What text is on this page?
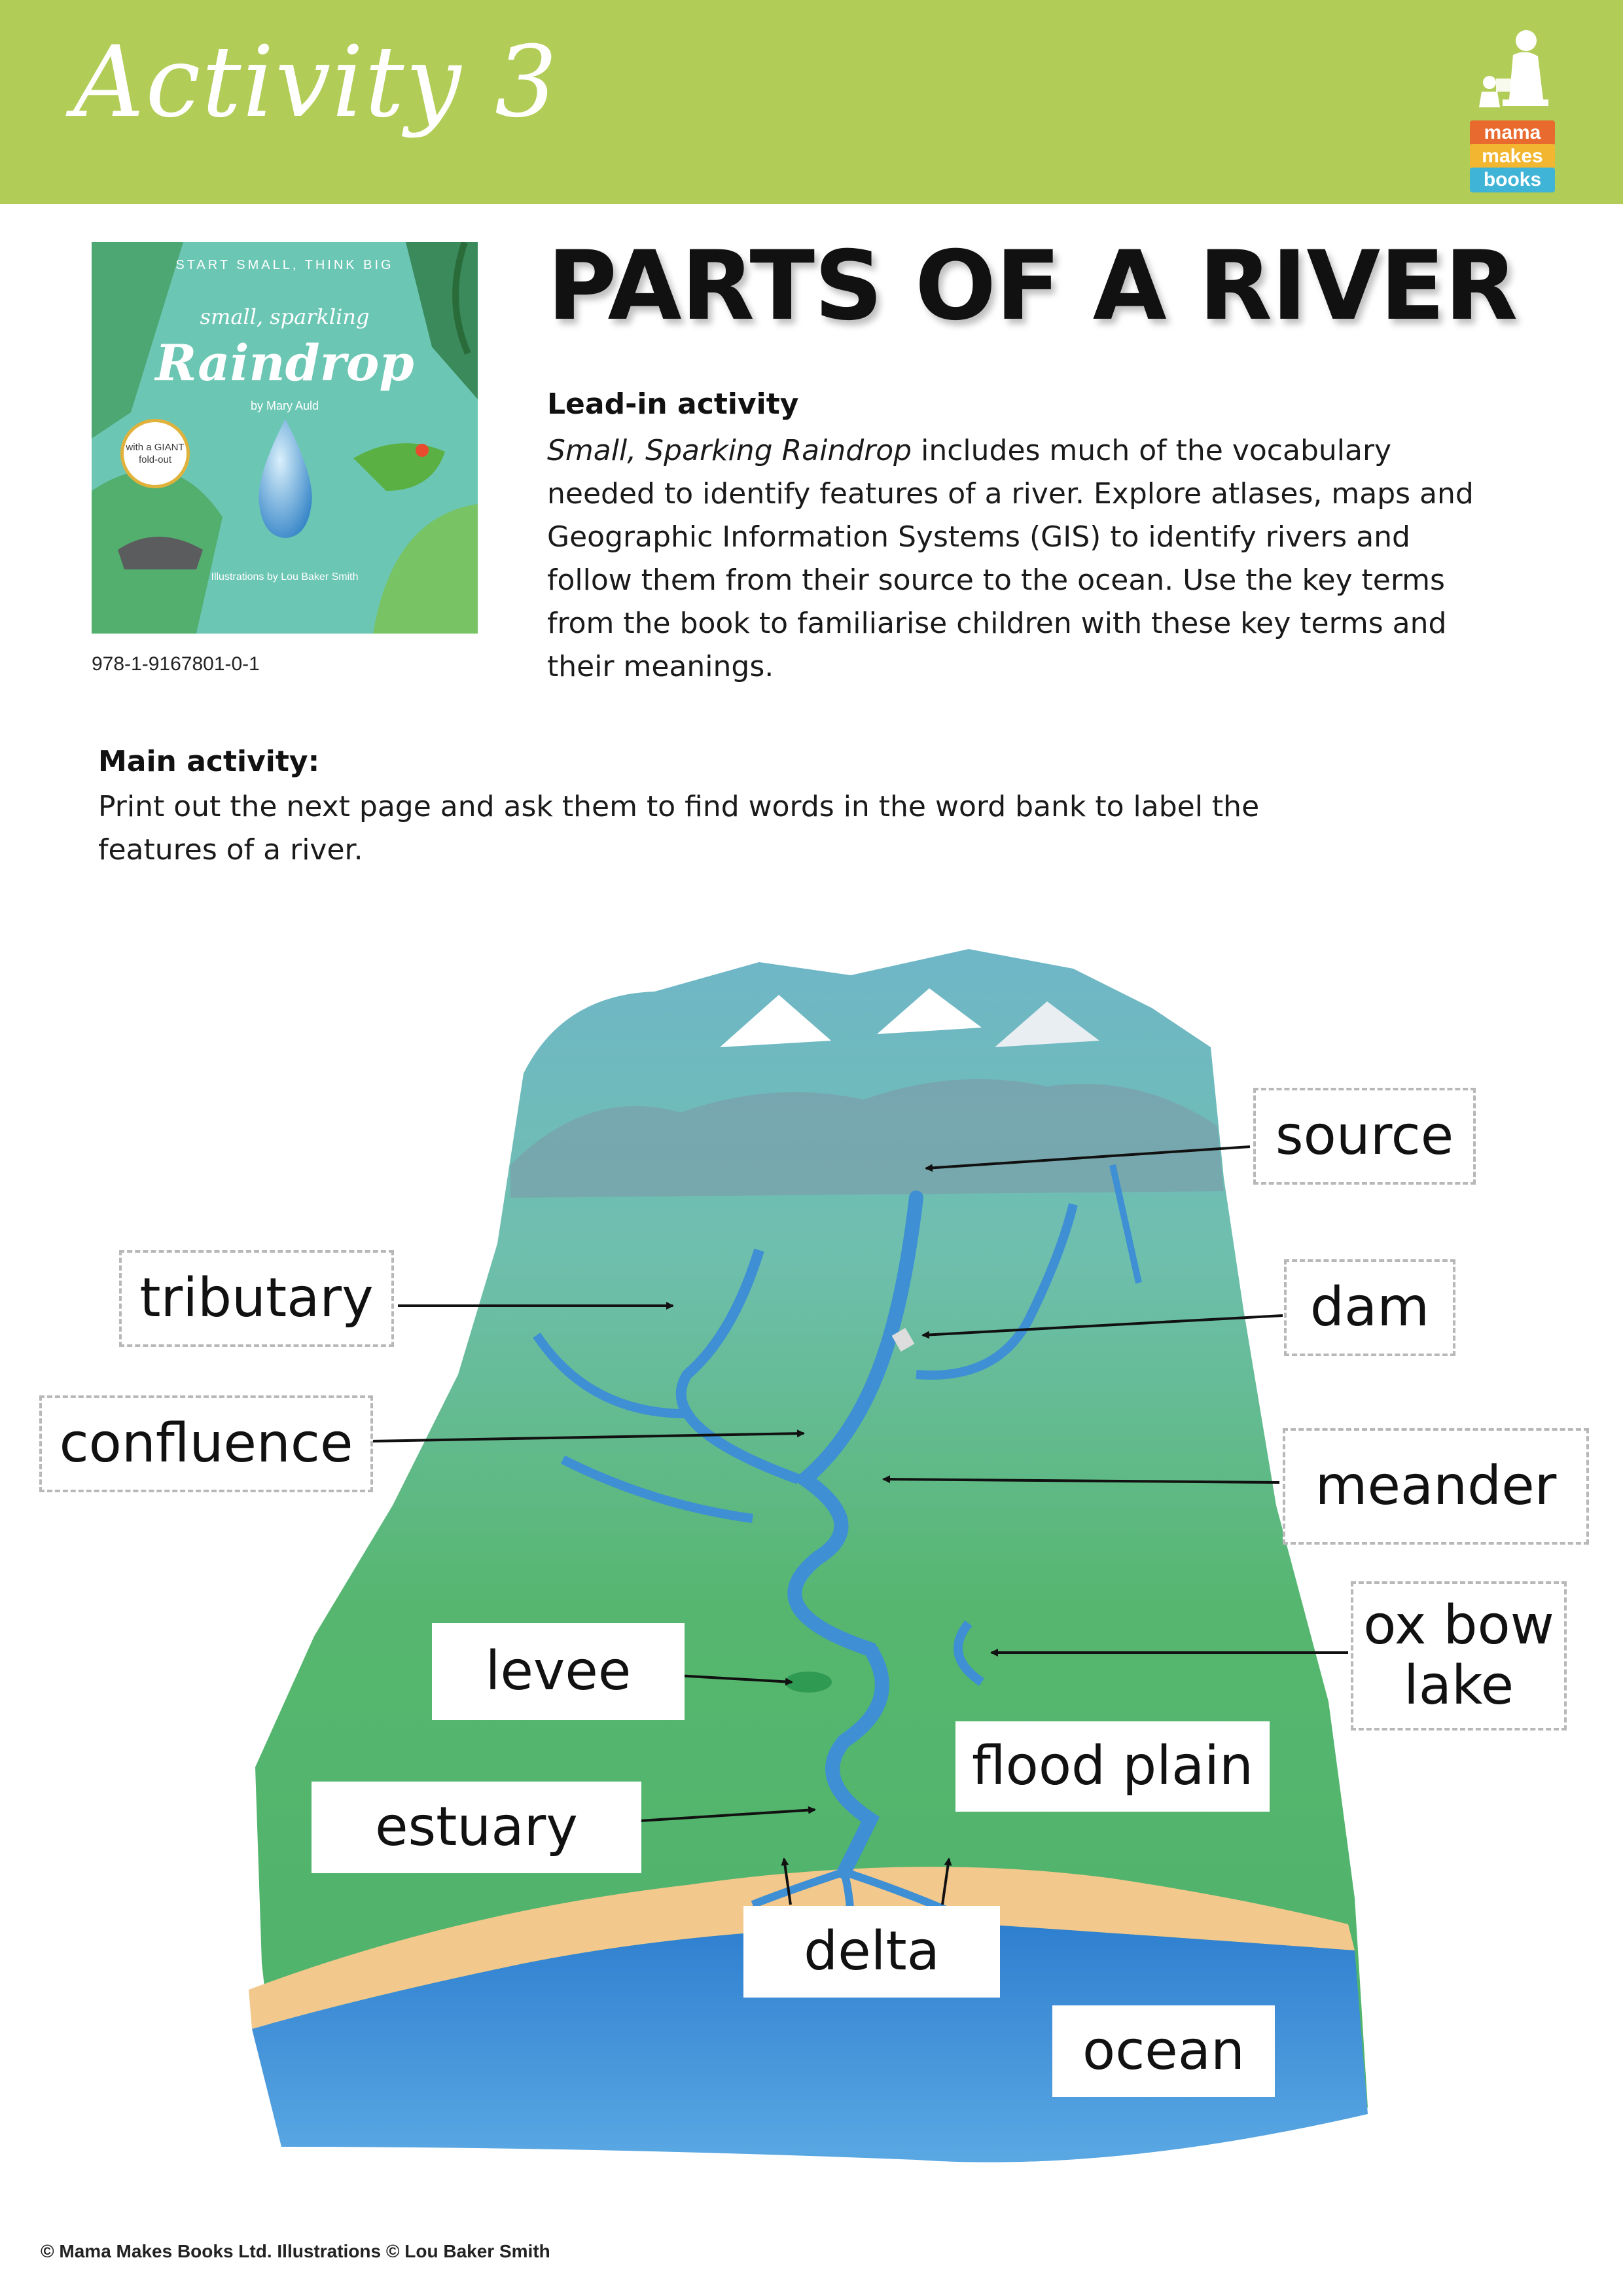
Activity 3	mama
makes
books
START SMALL, THINK BIG
small, sparkling
Raindrop
by Mary Auld
with a GIANT fold-out
Illustrations by Lou Baker Smith
978-1-9167801-0-1
PARTS OF A RIVER
Lead-in activity
Small, Sparking Raindrop includes much of the vocabulary needed to identify features of a river. Explore atlases, maps and Geographic Information Systems (GIS) to identify rivers and follow them from their source to the ocean. Use the key terms from the book to familiarise children with these key terms and their meanings.
Main activity:
Print out the next page and ask them to find words in the word bank to label the features of a river.
source
tributary	dam
confluence
meander
ox bow
lake
levee
flood plain
estuary
delta
ocean
© Mama Makes Books Ltd. Illustrations © Lou Baker Smith
